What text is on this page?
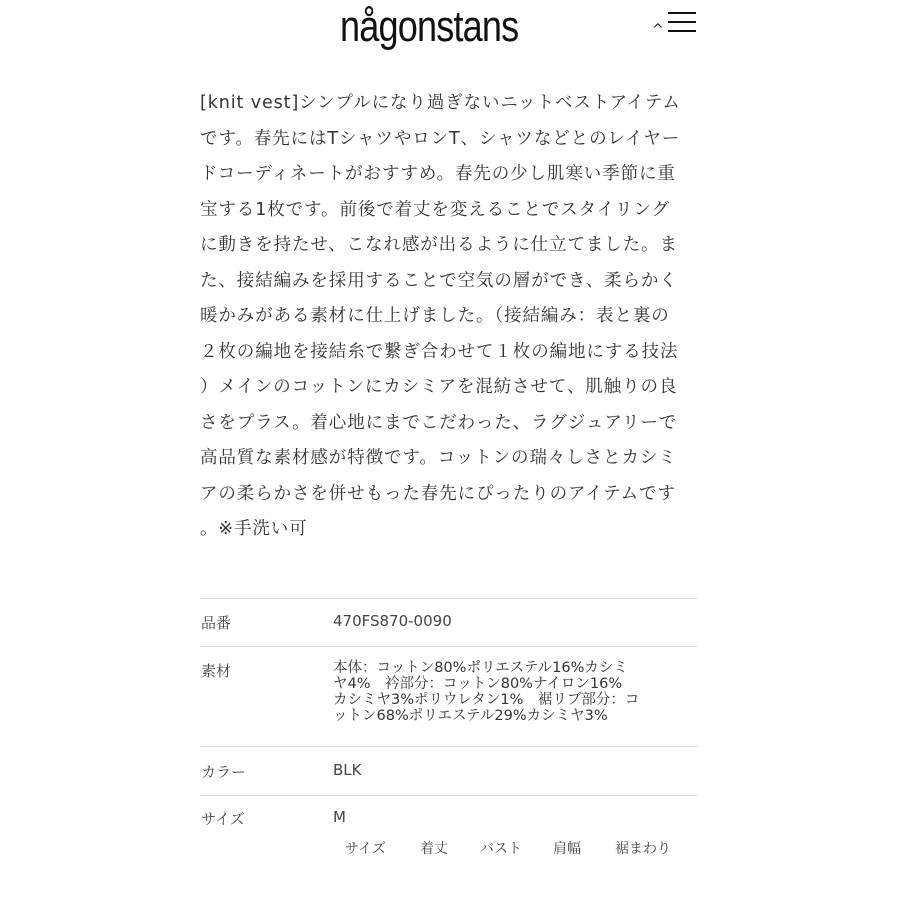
någonstans	^
[knit vest]シンプルになり過ぎないニットベストアイテム
です。春先にはTシャツやロンT、シャツなどとのレイヤー
ドコーディネートがおすすめ。春先の少し肌寒い季節に重
宝する1枚です。前後で着丈を変えることでスタイリング
に動きを持たせ、こなれ感が出るように仕立てました。ま
た、接結編みを採用することで空気の層ができ、柔らかく
暖かみがある素材に仕上げました。（接結編み：表と裏の
２枚の編地を接結糸で繋ぎ合わせて１枚の編地にする技法
）メインのコットンにカシミアを混紡させて、肌触りの良
さをプラス。着心地にまでこだわった、ラグジュアリーで
高品質な素材感が特徴です。コットンの瑞々しさとカシミ
アの柔らかさを併せもった春先にぴったりのアイテムです
。※手洗い可
品番	470FS870-0090
素材	本体：コットン80%ポリエステル16%カシミ
ヤ4%　衿部分：コットン80%ナイロン16%
カシミヤ3%ポリウレタン1%　裾リブ部分：コ
ットン68%ポリエステル29%カシミヤ3%
カラー	BLK
サイズ	M
サイズ 着丈 バスト 肩幅 裾まわり
